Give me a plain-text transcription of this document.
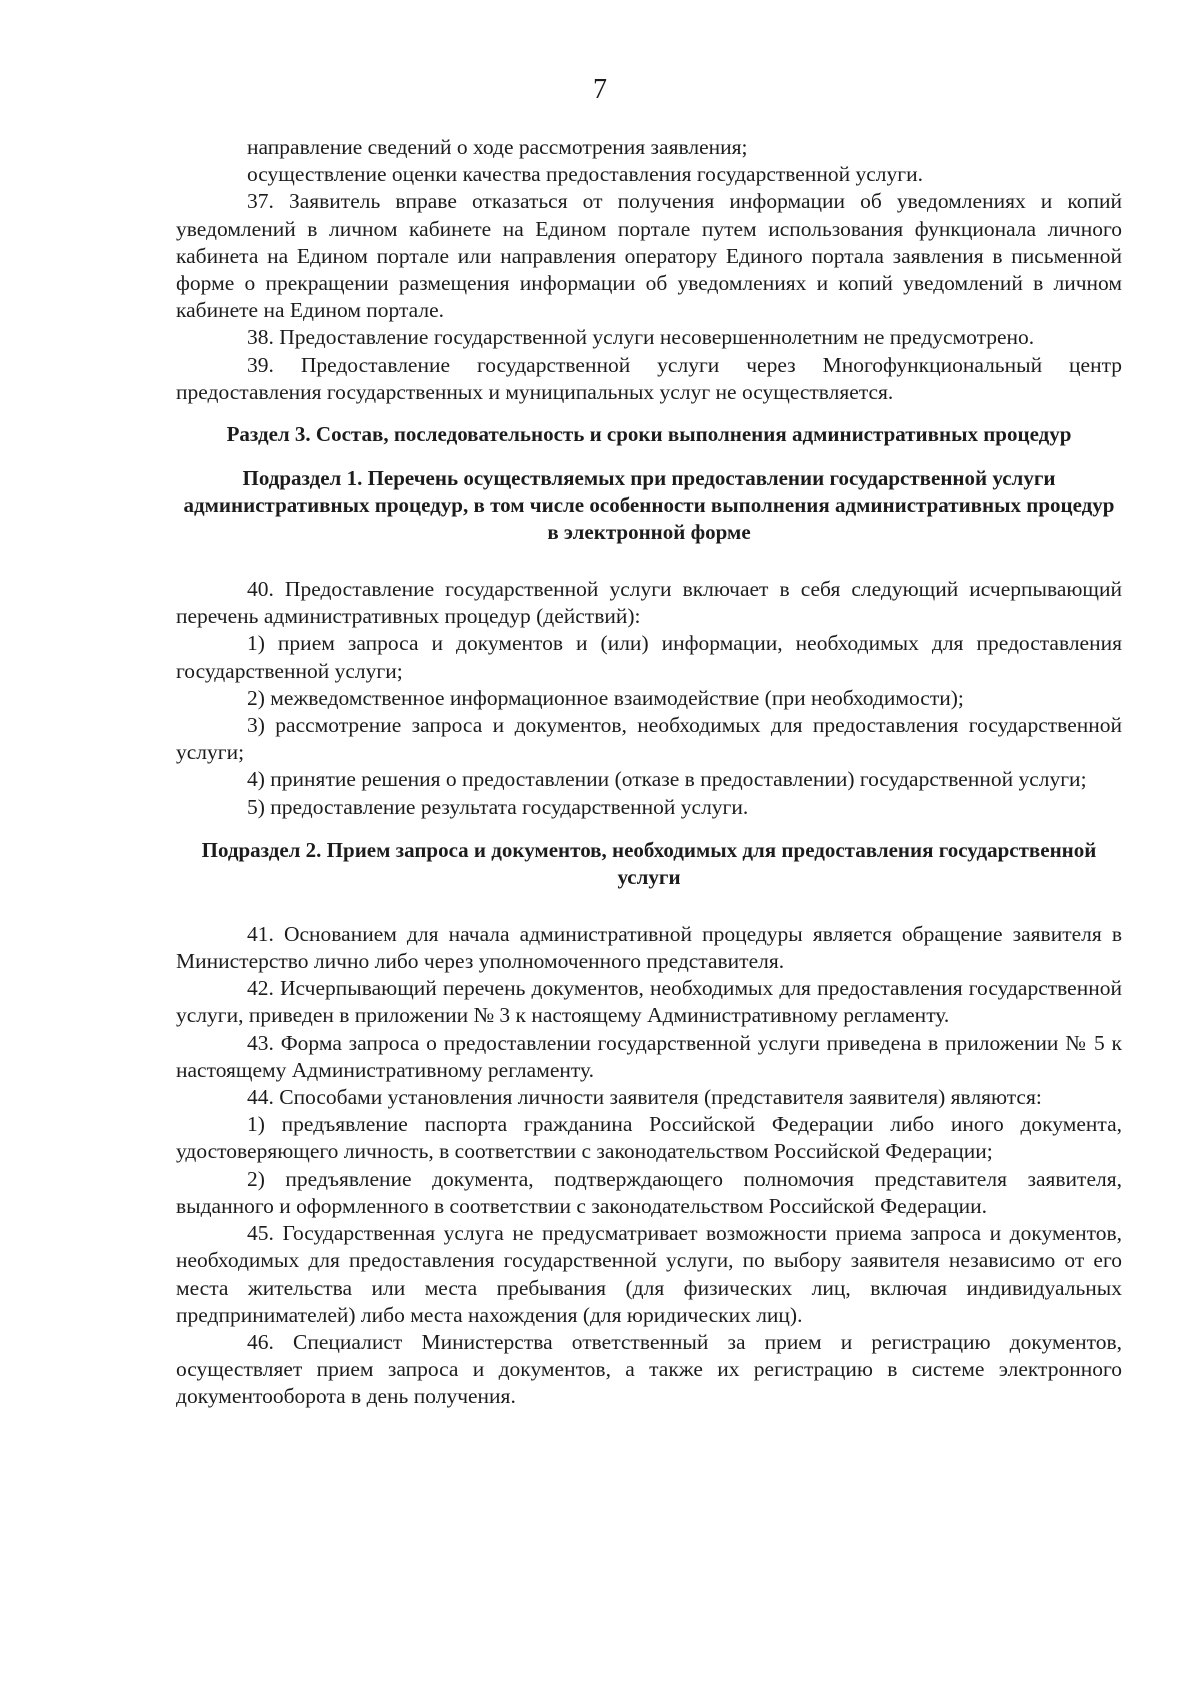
7

направление сведений о ходе рассмотрения заявления;

осуществление оценки качества предоставления государственной услуги.

37. Заявитель вправе отказаться от получения информации об уведомлениях и копий уведомлений в личном кабинете на Едином портале путем использования функционала личного кабинета на Едином портале или направления оператору Единого портала заявления в письменной форме о прекращении размещения информации об уведомлениях и копий уведомлений в личном кабинете на Едином портале.

38. Предоставление государственной услуги несовершеннолетним не предусмотрено.

39. Предоставление государственной услуги через Многофункциональный центр предоставления государственных и муниципальных услуг не осуществляется.

Раздел 3. Состав, последовательность и сроки выполнения административных процедур

Подраздел 1. Перечень осуществляемых при предоставлении государственной услуги административных процедур, в том числе особенности выполнения административных процедур в электронной форме

40. Предоставление государственной услуги включает в себя следующий исчерпывающий перечень административных процедур (действий):

1) прием запроса и документов и (или) информации, необходимых для предоставления государственной услуги;

2) межведомственное информационное взаимодействие (при необходимости);

3) рассмотрение запроса и документов, необходимых для предоставления государственной услуги;

4) принятие решения о предоставлении (отказе в предоставлении) государственной услуги;

5) предоставление результата государственной услуги.

Подраздел 2. Прием запроса и документов, необходимых для предоставления государственной услуги

41. Основанием для начала административной процедуры является обращение заявителя в Министерство лично либо через уполномоченного представителя.

42. Исчерпывающий перечень документов, необходимых для предоставления государственной услуги, приведен в приложении № 3 к настоящему Административному регламенту.

43. Форма запроса о предоставлении государственной услуги приведена в приложении № 5 к настоящему Административному регламенту.

44. Способами установления личности заявителя (представителя заявителя) являются:

1) предъявление паспорта гражданина Российской Федерации либо иного документа, удостоверяющего личность, в соответствии с законодательством Российской Федерации;

2) предъявление документа, подтверждающего полномочия представителя заявителя, выданного и оформленного в соответствии с законодательством Российской Федерации.

45. Государственная услуга не предусматривает возможности приема запроса и документов, необходимых для предоставления государственной услуги, по выбору заявителя независимо от его места жительства или места пребывания (для физических лиц, включая индивидуальных предпринимателей) либо места нахождения (для юридических лиц).

46. Специалист Министерства ответственный за прием и регистрацию документов, осуществляет прием запроса и документов, а также их регистрацию в системе электронного документооборота в день получения.
